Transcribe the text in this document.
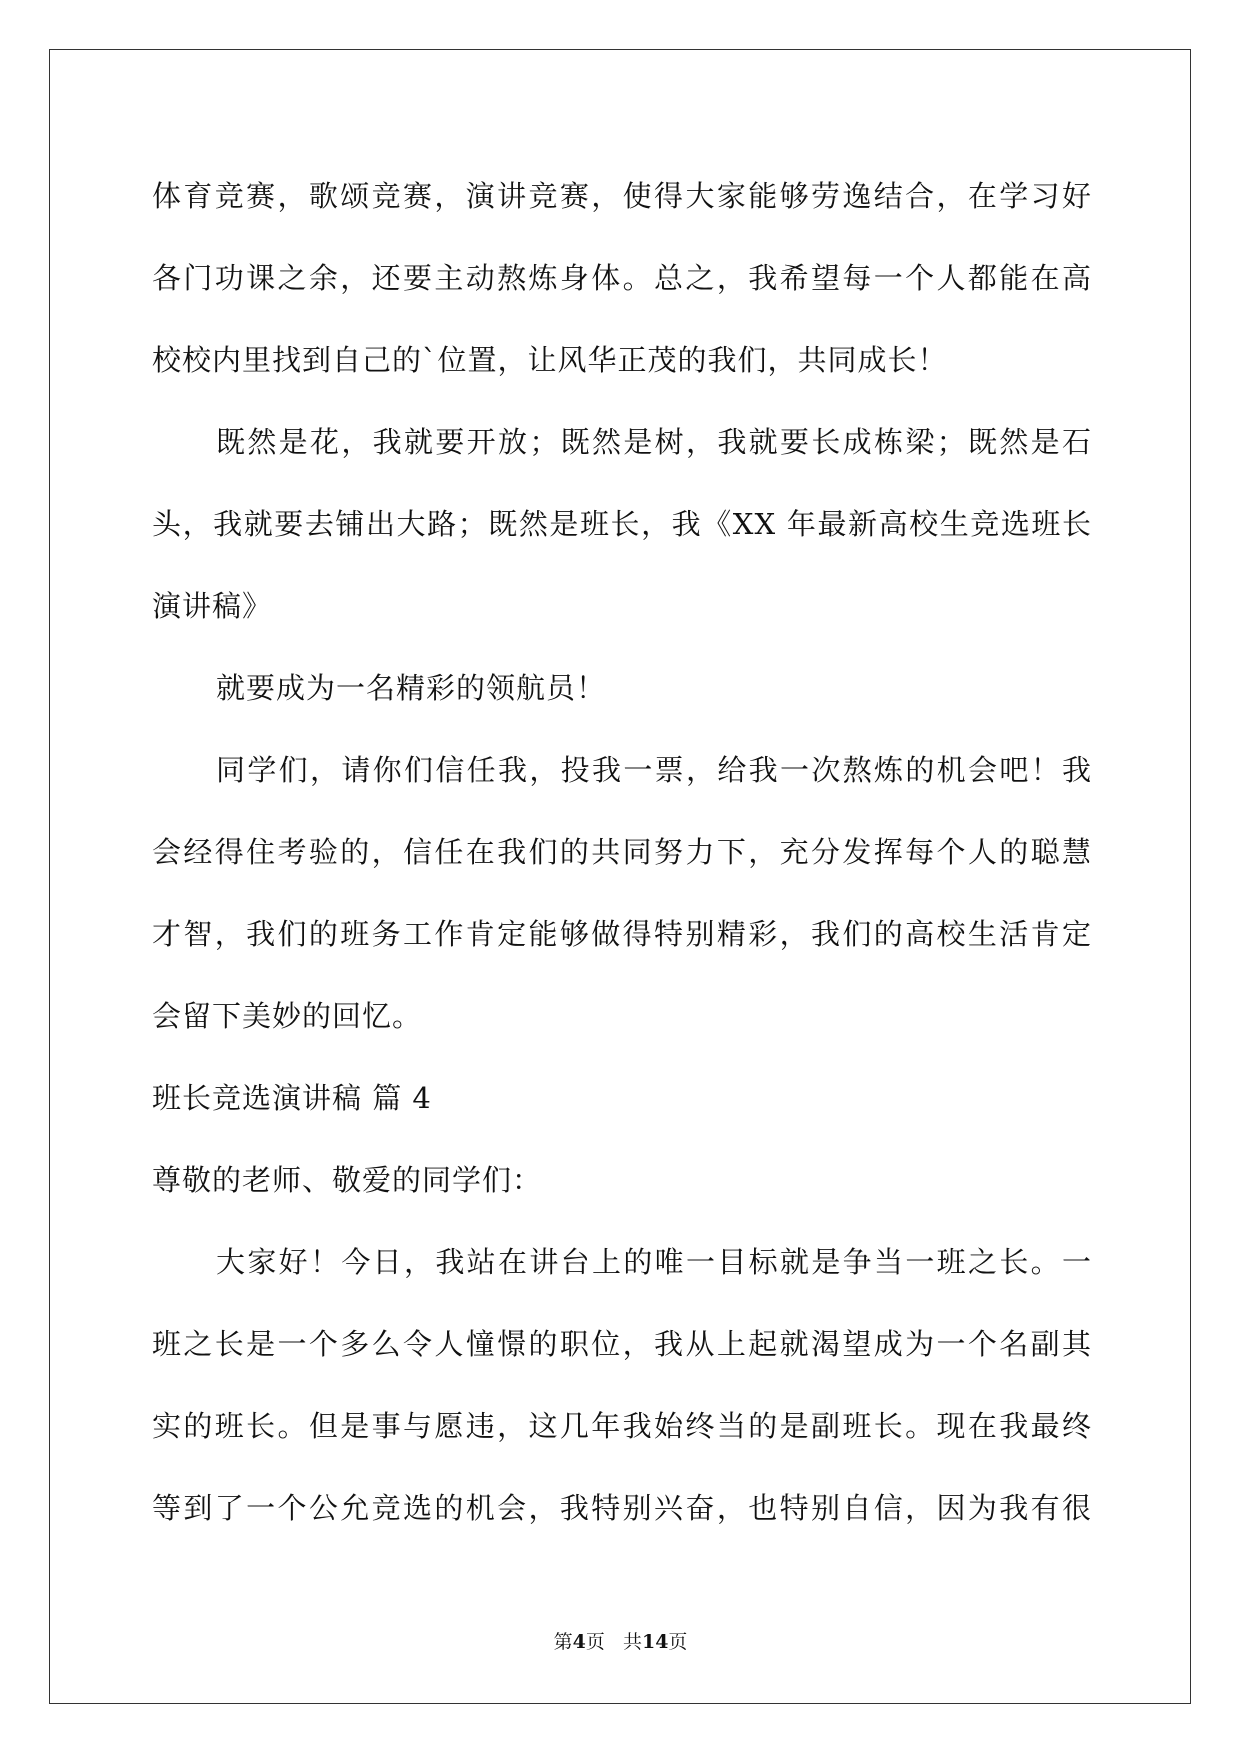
体育竞赛，歌颂竞赛，演讲竞赛，使得大家能够劳逸结合，在学习好
各门功课之余，还要主动熬炼身体。总之，我希望每一个人都能在高
校校内里找到自己的`位置，让风华正茂的我们，共同成长！
既然是花，我就要开放；既然是树，我就要长成栋梁；既然是石
头，我就要去铺出大路；既然是班长，我《XX 年最新高校生竞选班长
演讲稿》
就要成为一名精彩的领航员！
同学们，请你们信任我，投我一票，给我一次熬炼的机会吧！我
会经得住考验的，信任在我们的共同努力下，充分发挥每个人的聪慧
才智，我们的班务工作肯定能够做得特别精彩，我们的高校生活肯定
会留下美妙的回忆。
班长竞选演讲稿 篇 4
尊敬的老师、敬爱的同学们：
大家好！今日，我站在讲台上的唯一目标就是争当一班之长。一
班之长是一个多么令人憧憬的职位，我从上起就渴望成为一个名副其
实的班长。但是事与愿违，这几年我始终当的是副班长。现在我最终
等到了一个公允竞选的机会，我特别兴奋，也特别自信，因为我有很
第4页 共14页
